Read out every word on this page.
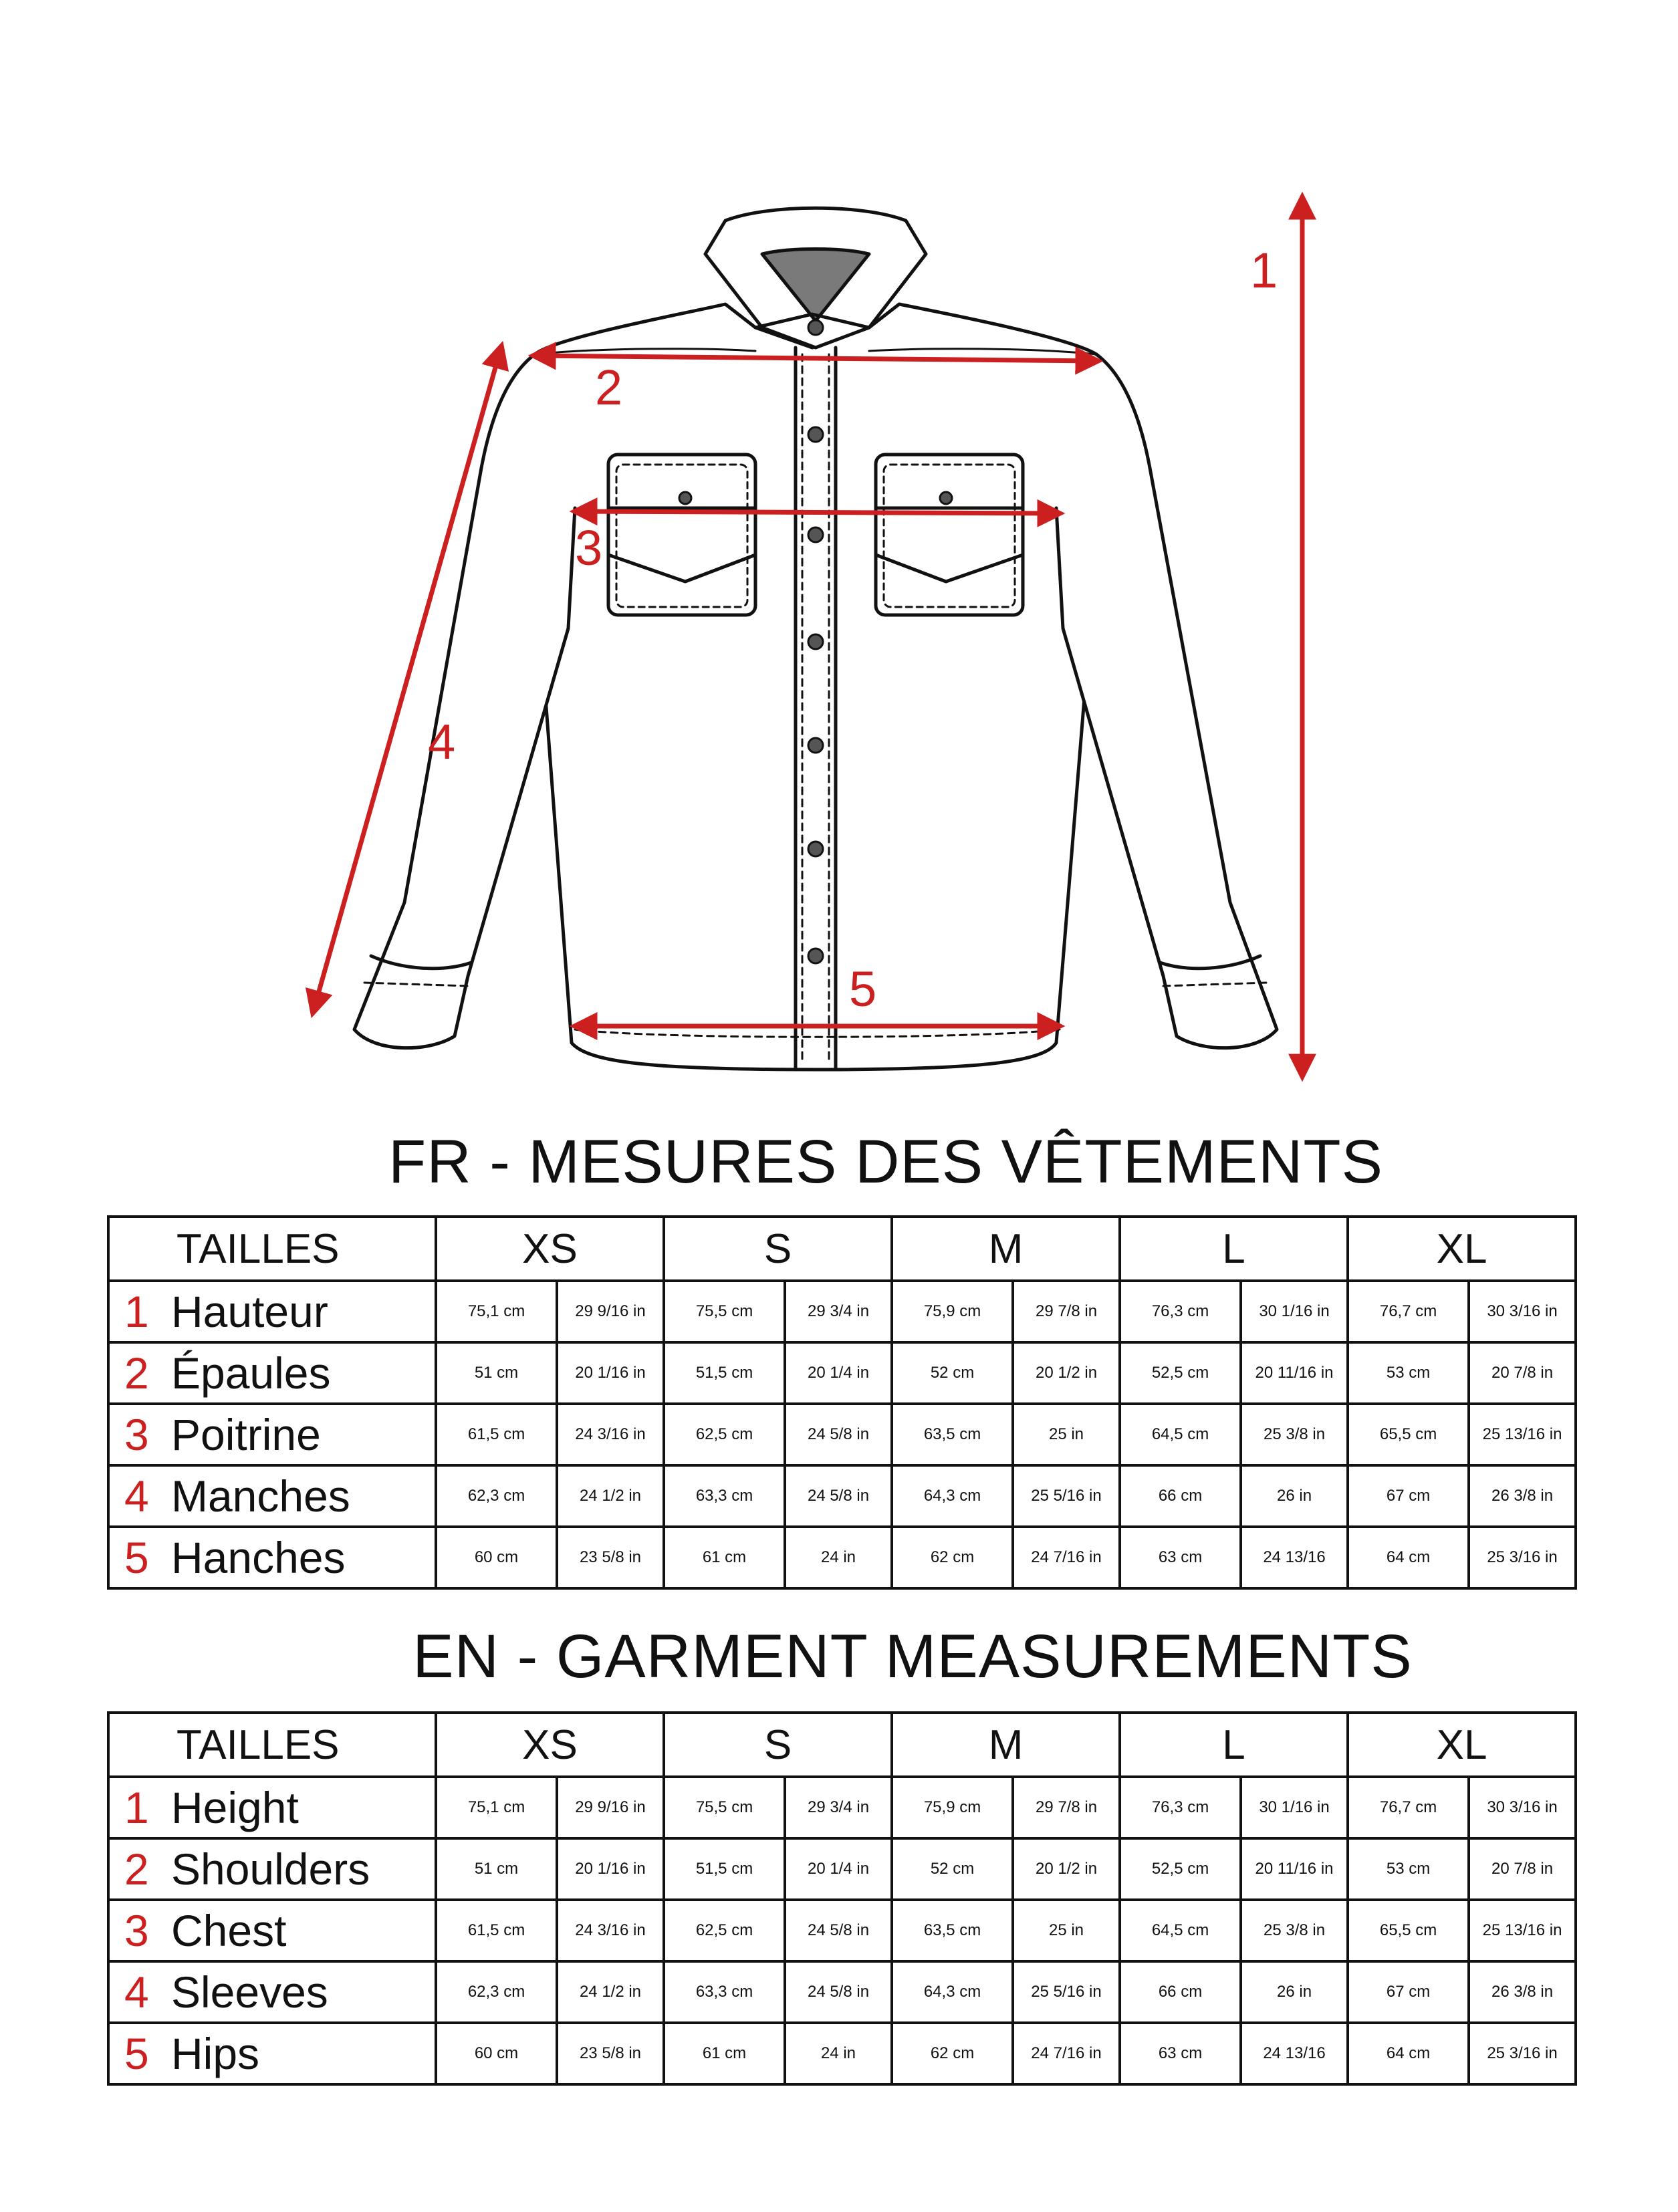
1
2
3
4
5
FR - MESURES DES VÊTEMENTS
TAILLES	XS		S		M		L		XL	
1 Hauteur	75,1 cm	29 9/16 in	75,5 cm	29 3/4 in	75,9 cm	29 7/8 in	76,3 cm	30 1/16 in	76,7 cm	30 3/16 in
2 Épaules	51 cm	20 1/16 in	51,5 cm	20 1/4 in	52 cm	20 1/2 in	52,5 cm	20 11/16 in	53 cm	20 7/8 in
3 Poitrine	61,5 cm	24 3/16 in	62,5 cm	24 5/8 in	63,5 cm	25 in	64,5 cm	25 3/8 in	65,5 cm	25 13/16 in
4 Manches	62,3 cm	24 1/2 in	63,3 cm	24 5/8 in	64,3 cm	25 5/16 in	66 cm	26 in	67 cm	26 3/8 in
5 Hanches	60 cm	23 5/8 in	61 cm	24 in	62 cm	24 7/16 in	63 cm	24 13/16	64 cm	25 3/16 in
EN - GARMENT MEASUREMENTS
TAILLES	XS		S		M		L		XL	
1 Height	75,1 cm	29 9/16 in	75,5 cm	29 3/4 in	75,9 cm	29 7/8 in	76,3 cm	30 1/16 in	76,7 cm	30 3/16 in
2 Shoulders	51 cm	20 1/16 in	51,5 cm	20 1/4 in	52 cm	20 1/2 in	52,5 cm	20 11/16 in	53 cm	20 7/8 in
3 Chest	61,5 cm	24 3/16 in	62,5 cm	24 5/8 in	63,5 cm	25 in	64,5 cm	25 3/8 in	65,5 cm	25 13/16 in
4 Sleeves	62,3 cm	24 1/2 in	63,3 cm	24 5/8 in	64,3 cm	25 5/16 in	66 cm	26 in	67 cm	26 3/8 in
5 Hips	60 cm	23 5/8 in	61 cm	24 in	62 cm	24 7/16 in	63 cm	24 13/16	64 cm	25 3/16 in
